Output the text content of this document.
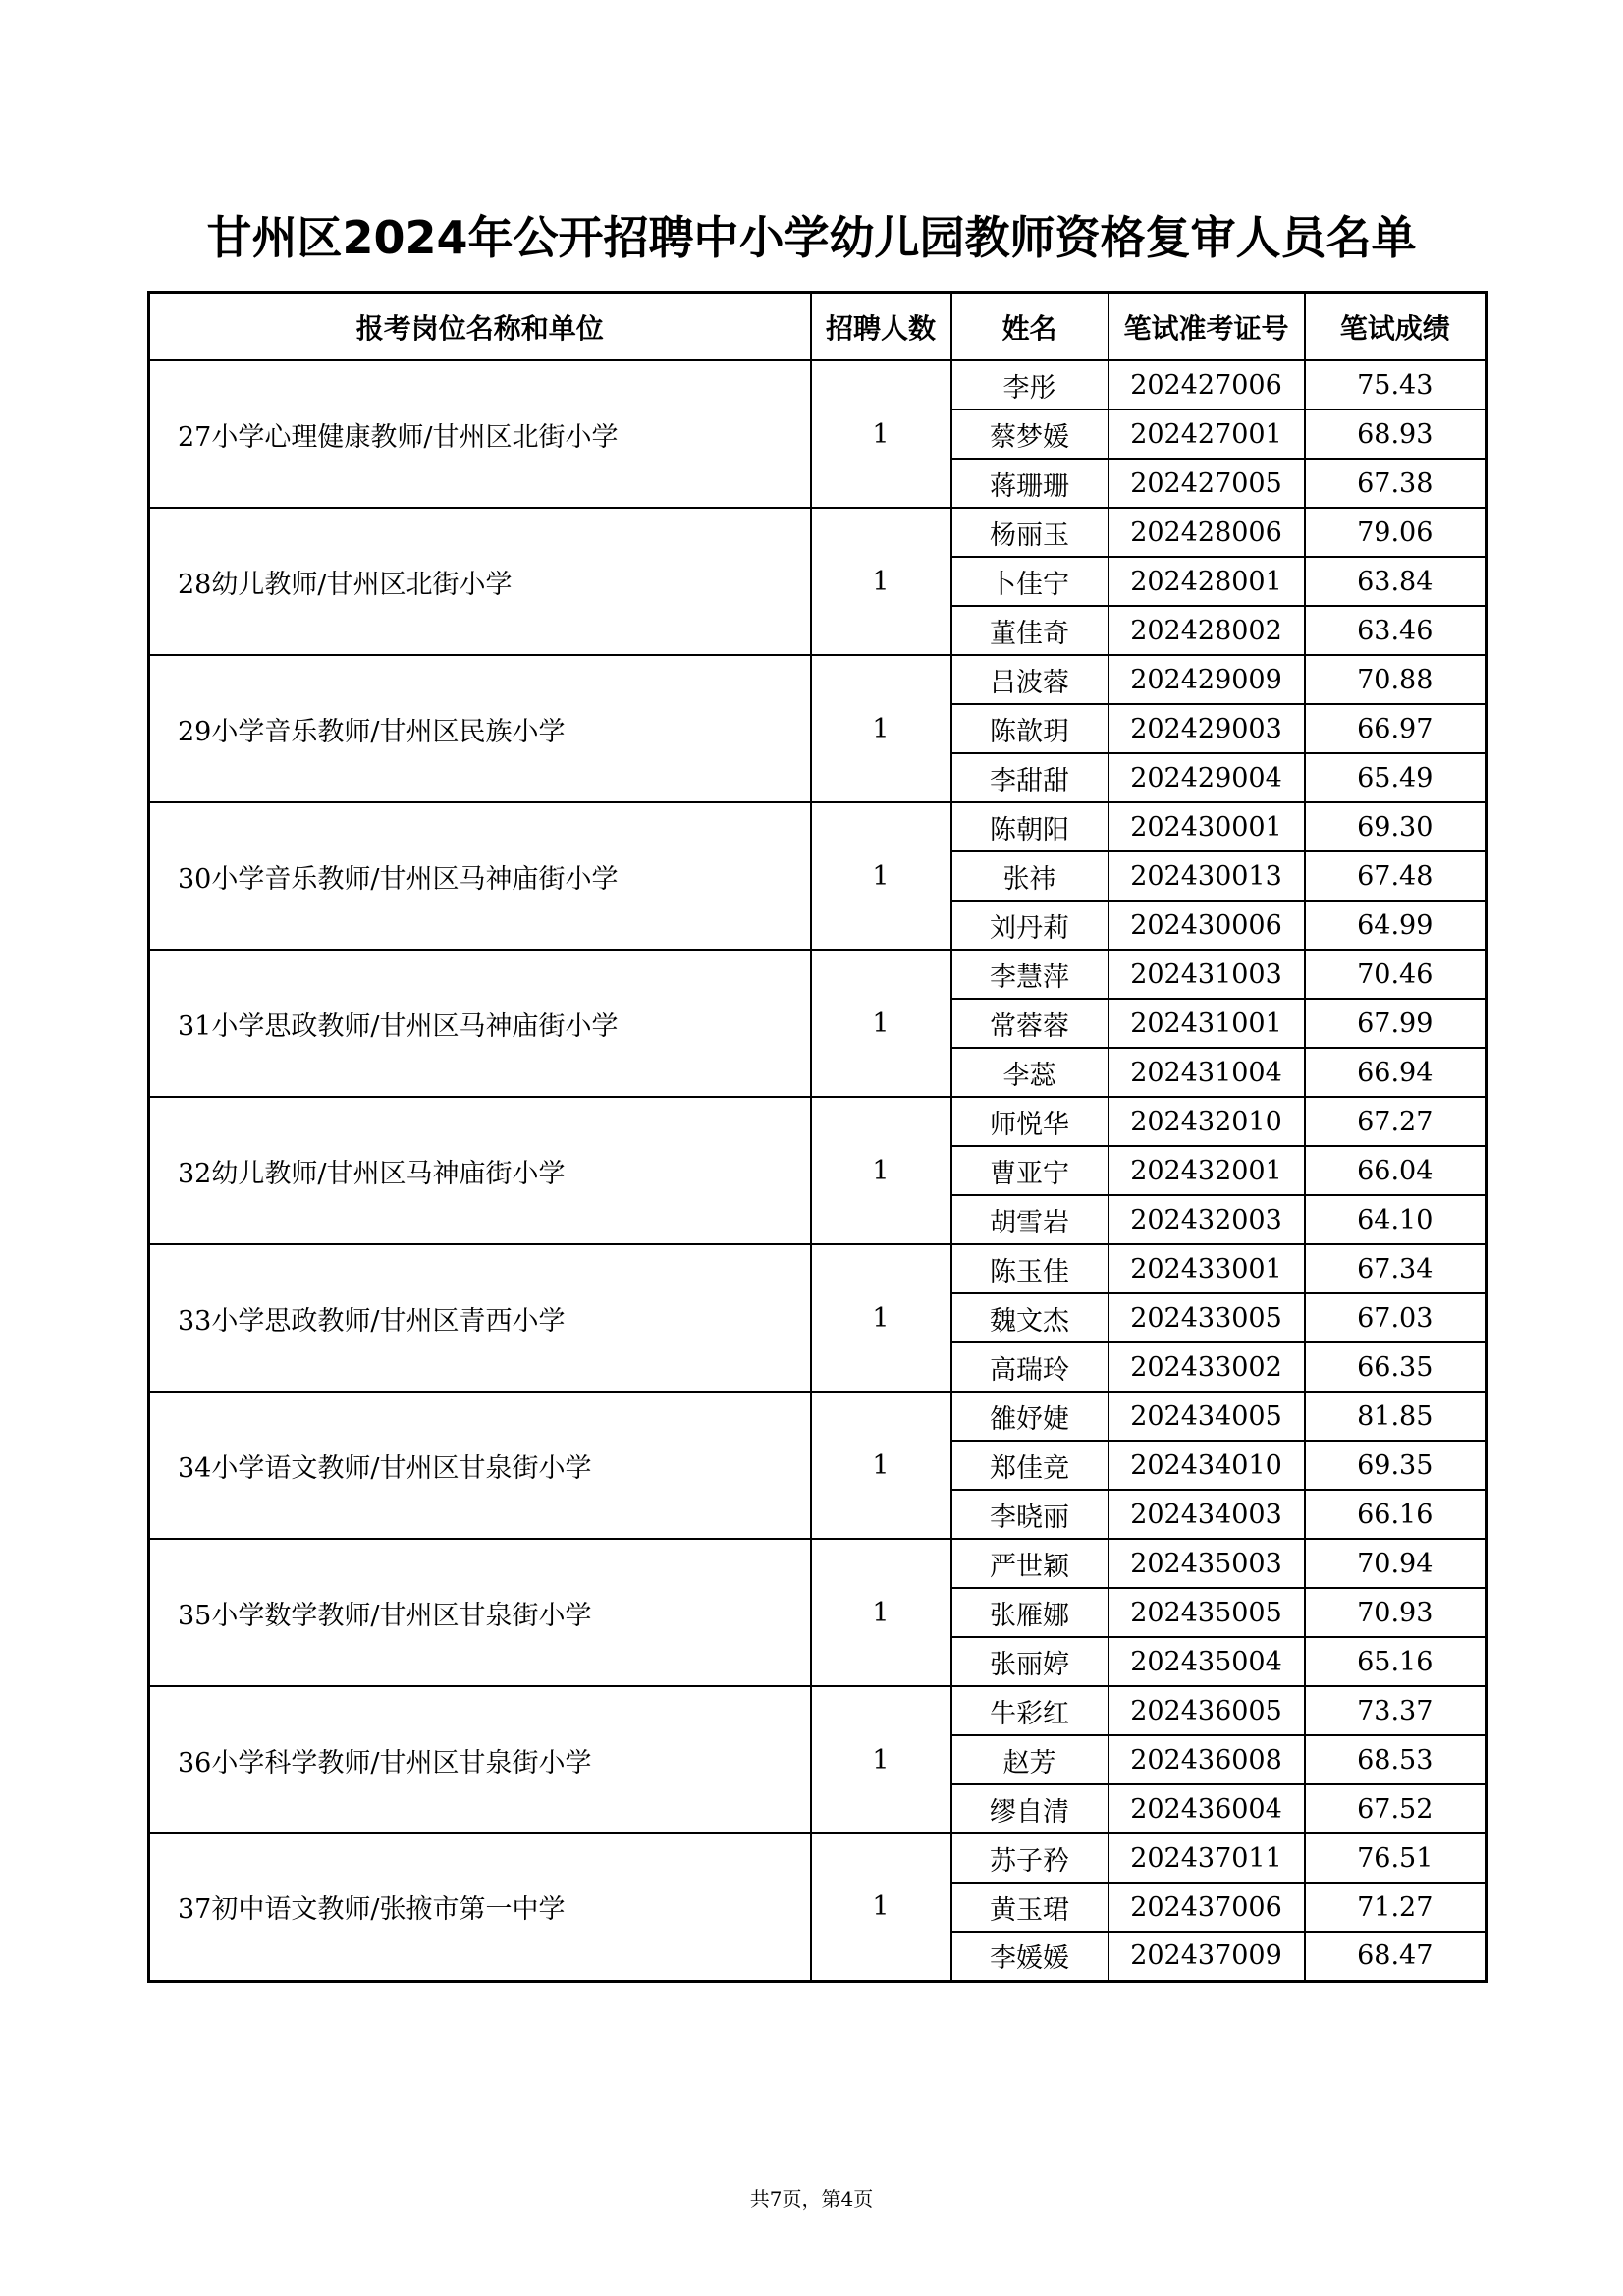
甘州区2024年公开招聘中小学幼儿园教师资格复审人员名单
报考岗位名称和单位	招聘人数	姓名	笔试准考证号	笔试成绩
27小学心理健康教师/甘州区北街小学	1	李彤	202427006	75.43
		蔡梦媛	202427001	68.93
		蒋珊珊	202427005	67.38
28幼儿教师/甘州区北街小学	1	杨丽玉	202428006	79.06
		卜佳宁	202428001	63.84
		董佳奇	202428002	63.46
29小学音乐教师/甘州区民族小学	1	吕波蓉	202429009	70.88
		陈歆玥	202429003	66.97
		李甜甜	202429004	65.49
30小学音乐教师/甘州区马神庙街小学	1	陈朝阳	202430001	69.30
		张祎	202430013	67.48
		刘丹莉	202430006	64.99
31小学思政教师/甘州区马神庙街小学	1	李慧萍	202431003	70.46
		常蓉蓉	202431001	67.99
		李蕊	202431004	66.94
32幼儿教师/甘州区马神庙街小学	1	师悦华	202432010	67.27
		曹亚宁	202432001	66.04
		胡雪岩	202432003	64.10
33小学思政教师/甘州区青西小学	1	陈玉佳	202433001	67.34
		魏文杰	202433005	67.03
		高瑞玲	202433002	66.35
34小学语文教师/甘州区甘泉街小学	1	雒妤婕	202434005	81.85
		郑佳竞	202434010	69.35
		李晓丽	202434003	66.16
35小学数学教师/甘州区甘泉街小学	1	严世颖	202435003	70.94
		张雁娜	202435005	70.93
		张丽婷	202435004	65.16
36小学科学教师/甘州区甘泉街小学	1	牛彩红	202436005	73.37
		赵芳	202436008	68.53
		缪自清	202436004	67.52
37初中语文教师/张掖市第一中学	1	苏子矜	202437011	76.51
		黄玉珺	202437006	71.27
		李媛媛	202437009	68.47
共7页，第4页
